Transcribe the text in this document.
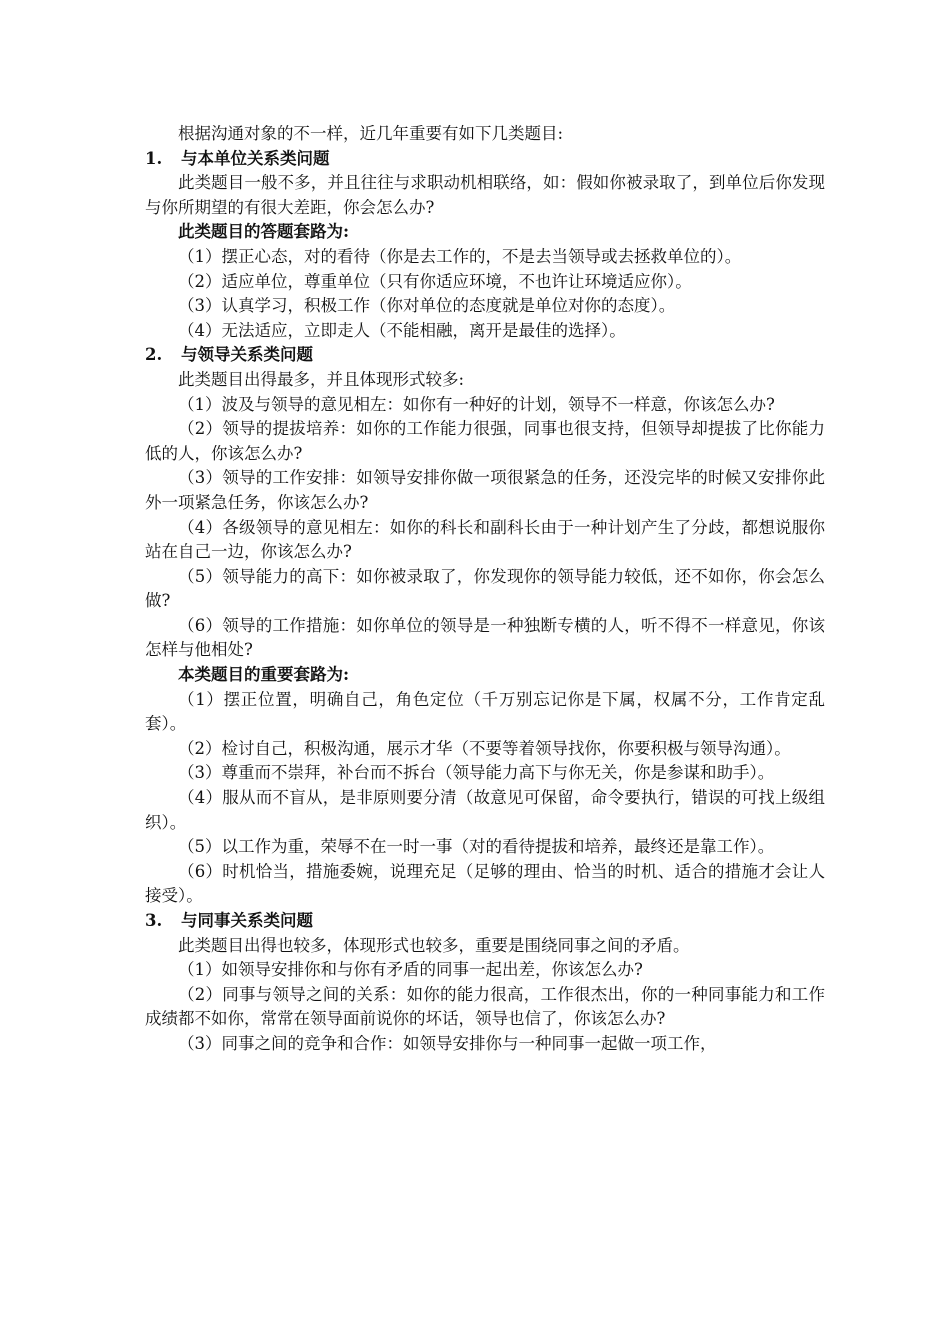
根据沟通对象的不一样，近几年重要有如下几类题目:

1. 与本单位关系类问题

此类题目一般不多，并且往往与求职动机相联络，如：假如你被录取了，到单位后你发现与你所期望的有很大差距，你会怎么办?

此类题目的答题套路为:

（1）摆正心态，对的看待（你是去工作的，不是去当领导或去拯救单位的）。

（2）适应单位，尊重单位（只有你适应环境，不也许让环境适应你）。

（3）认真学习，积极工作（你对单位的态度就是单位对你的态度）。

（4）无法适应，立即走人（不能相融，离开是最佳的选择）。

2. 与领导关系类问题

此类题目出得最多，并且体现形式较多:

（1）波及与领导的意见相左：如你有一种好的计划，领导不一样意，你该怎么办?

（2）领导的提拔培养：如你的工作能力很强，同事也很支持，但领导却提拔了比你能力低的人，你该怎么办?

（3）领导的工作安排：如领导安排你做一项很紧急的任务，还没完毕的时候又安排你此外一项紧急任务，你该怎么办?

（4）各级领导的意见相左：如你的科长和副科长由于一种计划产生了分歧，都想说服你站在自己一边，你该怎么办?

（5）领导能力的高下：如你被录取了，你发现你的领导能力较低，还不如你，你会怎么做?

（6）领导的工作措施：如你单位的领导是一种独断专横的人，听不得不一样意见，你该怎样与他相处?

本类题目的重要套路为:

（1）摆正位置，明确自己，角色定位（千万别忘记你是下属，权属不分，工作肯定乱套）。

（2）检讨自己，积极沟通，展示才华（不要等着领导找你，你要积极与领导沟通）。

（3）尊重而不崇拜，补台而不拆台（领导能力高下与你无关，你是参谋和助手）。

（4）服从而不盲从，是非原则要分清（故意见可保留，命令要执行，错误的可找上级组织）。

（5）以工作为重，荣辱不在一时一事（对的看待提拔和培养，最终还是靠工作）。

（6）时机恰当，措施委婉，说理充足（足够的理由、恰当的时机、适合的措施才会让人接受）。

3. 与同事关系类问题

此类题目出得也较多，体现形式也较多，重要是围绕同事之间的矛盾。

（1）如领导安排你和与你有矛盾的同事一起出差，你该怎么办?

（2）同事与领导之间的关系：如你的能力很高，工作很杰出，你的一种同事能力和工作成绩都不如你，常常在领导面前说你的坏话，领导也信了，你该怎么办?

（3）同事之间的竞争和合作：如领导安排你与一种同事一起做一项工作，
